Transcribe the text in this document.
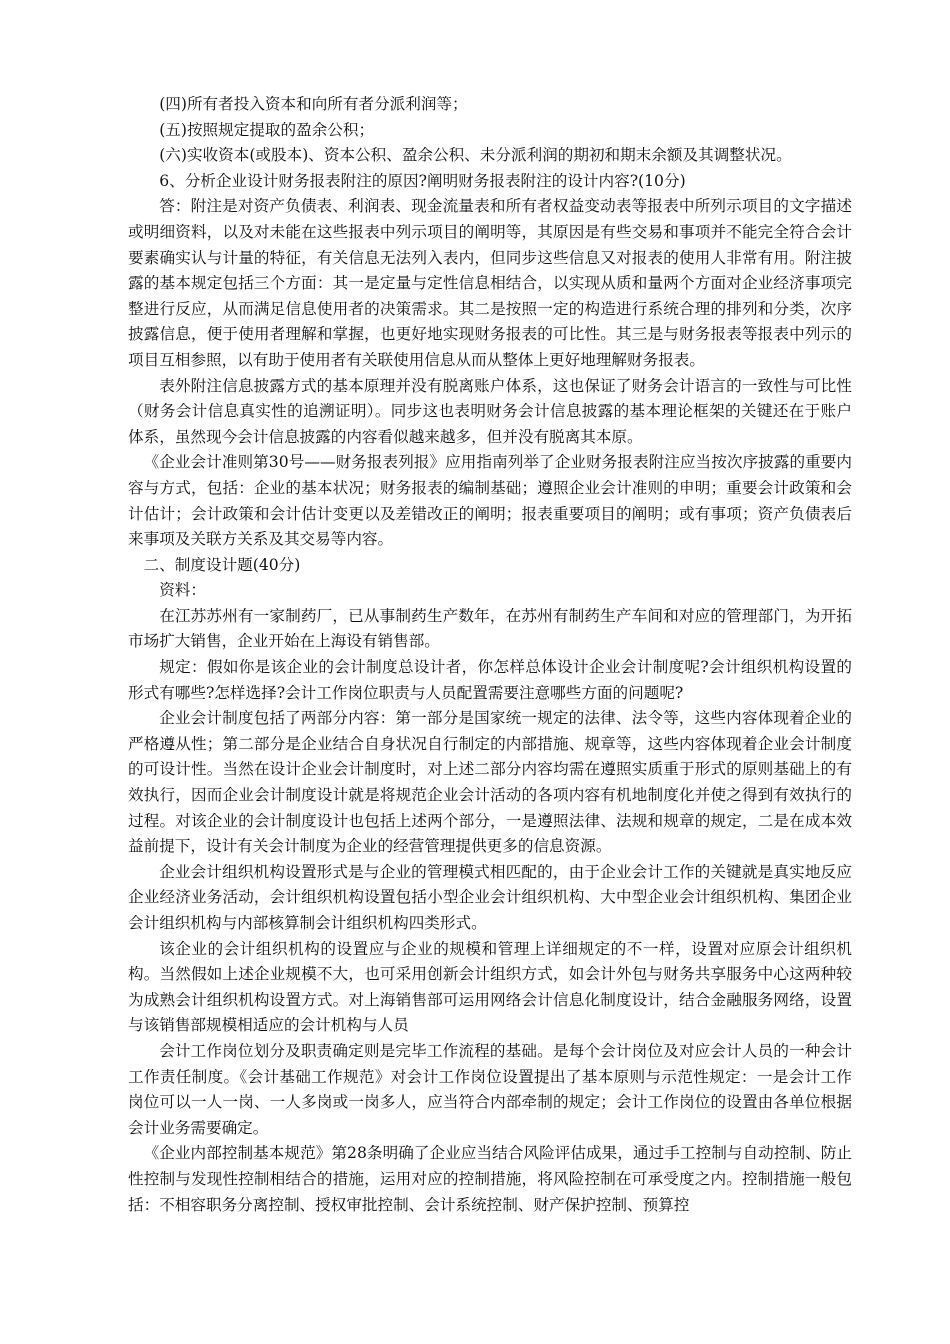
(四)所有者投入资本和向所有者分派利润等；

(五)按照规定提取的盈余公积；

(六)实收资本(或股本)、资本公积、盈余公积、未分派利润的期初和期末余额及其调整状况。

6、分析企业设计财务报表附注的原因?阐明财务报表附注的设计内容?(10分)

答：附注是对资产负债表、利润表、现金流量表和所有者权益变动表等报表中所列示项目的文字描述或明细资料，以及对未能在这些报表中列示项目的阐明等，其原因是有些交易和事项并不能完全符合会计要素确实认与计量的特征，有关信息无法列入表内，但同步这些信息又对报表的使用人非常有用。附注披露的基本规定包括三个方面：其一是定量与定性信息相结合，以实现从质和量两个方面对企业经济事项完整进行反应，从而满足信息使用者的决策需求。其二是按照一定的构造进行系统合理的排列和分类，次序披露信息，便于使用者理解和掌握，也更好地实现财务报表的可比性。其三是与财务报表等报表中列示的项目互相参照，以有助于使用者有关联使用信息从而从整体上更好地理解财务报表。

表外附注信息披露方式的基本原理并没有脱离账户体系，这也保证了财务会计语言的一致性与可比性（财务会计信息真实性的追溯证明）。同步这也表明财务会计信息披露的基本理论框架的关键还在于账户体系，虽然现今会计信息披露的内容看似越来越多，但并没有脱离其本原。

《企业会计准则第30号——财务报表列报》应用指南列举了企业财务报表附注应当按次序披露的重要内容与方式，包括：企业的基本状况；财务报表的编制基础；遵照企业会计准则的申明；重要会计政策和会计估计；会计政策和会计估计变更以及差错改正的阐明；报表重要项目的阐明；或有事项；资产负债表后来事项及关联方关系及其交易等内容。

二、制度设计题(40分)

资料：

在江苏苏州有一家制药厂，已从事制药生产数年，在苏州有制药生产车间和对应的管理部门，为开拓市场扩大销售，企业开始在上海设有销售部。

规定：假如你是该企业的会计制度总设计者，你怎样总体设计企业会计制度呢?会计组织机构设置的形式有哪些?怎样选择?会计工作岗位职责与人员配置需要注意哪些方面的问题呢?

企业会计制度包括了两部分内容：第一部分是国家统一规定的法律、法令等，这些内容体现着企业的严格遵从性；第二部分是企业结合自身状况自行制定的内部措施、规章等，这些内容体现着企业会计制度的可设计性。当然在设计企业会计制度时，对上述二部分内容均需在遵照实质重于形式的原则基础上的有效执行，因而企业会计制度设计就是将规范企业会计活动的各项内容有机地制度化并使之得到有效执行的过程。对该企业的会计制度设计也包括上述两个部分，一是遵照法律、法规和规章的规定，二是在成本效益前提下，设计有关会计制度为企业的经营管理提供更多的信息资源。

企业会计组织机构设置形式是与企业的管理模式相匹配的，由于企业会计工作的关键就是真实地反应企业经济业务活动，会计组织机构设置包括小型企业会计组织机构、大中型企业会计组织机构、集团企业会计组织机构与内部核算制会计组织机构四类形式。

该企业的会计组织机构的设置应与企业的规模和管理上详细规定的不一样，设置对应原会计组织机构。当然假如上述企业规模不大，也可采用创新会计组织方式，如会计外包与财务共享服务中心这两种较为成熟会计组织机构设置方式。对上海销售部可运用网络会计信息化制度设计，结合金融服务网络，设置与该销售部规模相适应的会计机构与人员

会计工作岗位划分及职责确定则是完毕工作流程的基础。是每个会计岗位及对应会计人员的一种会计工作责任制度。《会计基础工作规范》对会计工作岗位设置提出了基本原则与示范性规定：一是会计工作岗位可以一人一岗、一人多岗或一岗多人，应当符合内部牵制的规定；会计工作岗位的设置由各单位根据会计业务需要确定。

《企业内部控制基本规范》第28条明确了企业应当结合风险评估成果，通过手工控制与自动控制、防止性控制与发现性控制相结合的措施，运用对应的控制措施，将风险控制在可承受度之内。控制措施一般包括：不相容职务分离控制、授权审批控制、会计系统控制、财产保护控制、预算控
